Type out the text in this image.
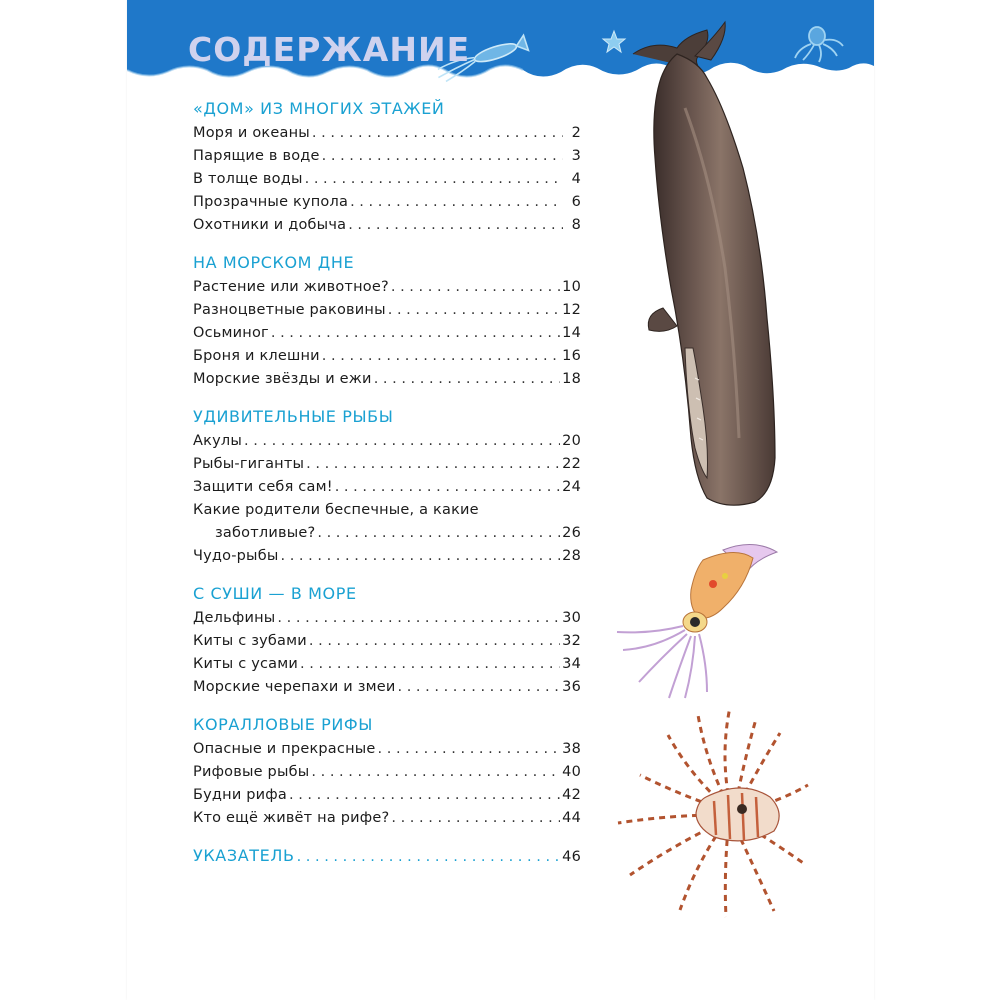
СОДЕРЖАНИЕ
«ДОМ» ИЗ МНОГИХ ЭТАЖЕЙ
Моря и океаны . . .	2
Парящие в воде . . .	3
В толще воды . . .	4
Прозрачные купола . . .	6
Охотники и добыча . . .	8
НА МОРСКОМ ДНЕ
Растение или животное? . . .	10
Разноцветные раковины . . .	12
Осьминог . . .	14
Броня и клешни . . .	16
Морские звёзды и ежи . . .	18
УДИВИТЕЛЬНЫЕ РЫБЫ
Акулы . . .	20
Рыбы-гиганты . . .	22
Защити себя сам! . . .	24
Какие родители беспечные, а какие
заботливые? . . .	26
Чудо-рыбы . . .	28
С СУШИ — В МОРЕ
Дельфины . . .	30
Киты с зубами . . .	32
Киты с усами . . .	34
Морские черепахи и змеи . . .	36
КОРАЛЛОВЫЕ РИФЫ
Опасные и прекрасные . . .	38
Рифовые рыбы . . .	40
Будни рифа . . .	42
Кто ещё живёт на рифе? . . .	44
УКАЗАТЕЛЬ . . .	46
